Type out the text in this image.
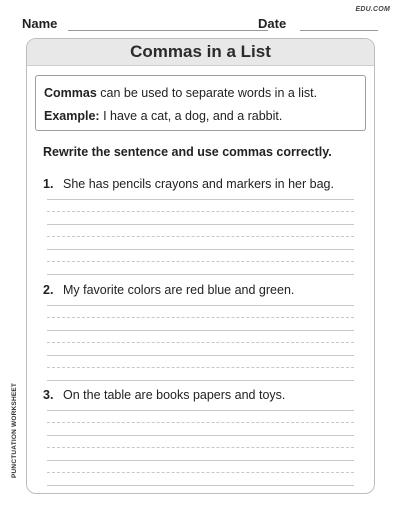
EDU.COM
Name	Date
Commas in a List
Commas can be used to separate words in a list.
Example: I have a cat, a dog, and a rabbit.
Rewrite the sentence and use commas correctly.
1. She has pencils crayons and markers in her bag.
2. My favorite colors are red blue and green.
3. On the table are books papers and toys.
PUNCTUATION WORKSHEET
